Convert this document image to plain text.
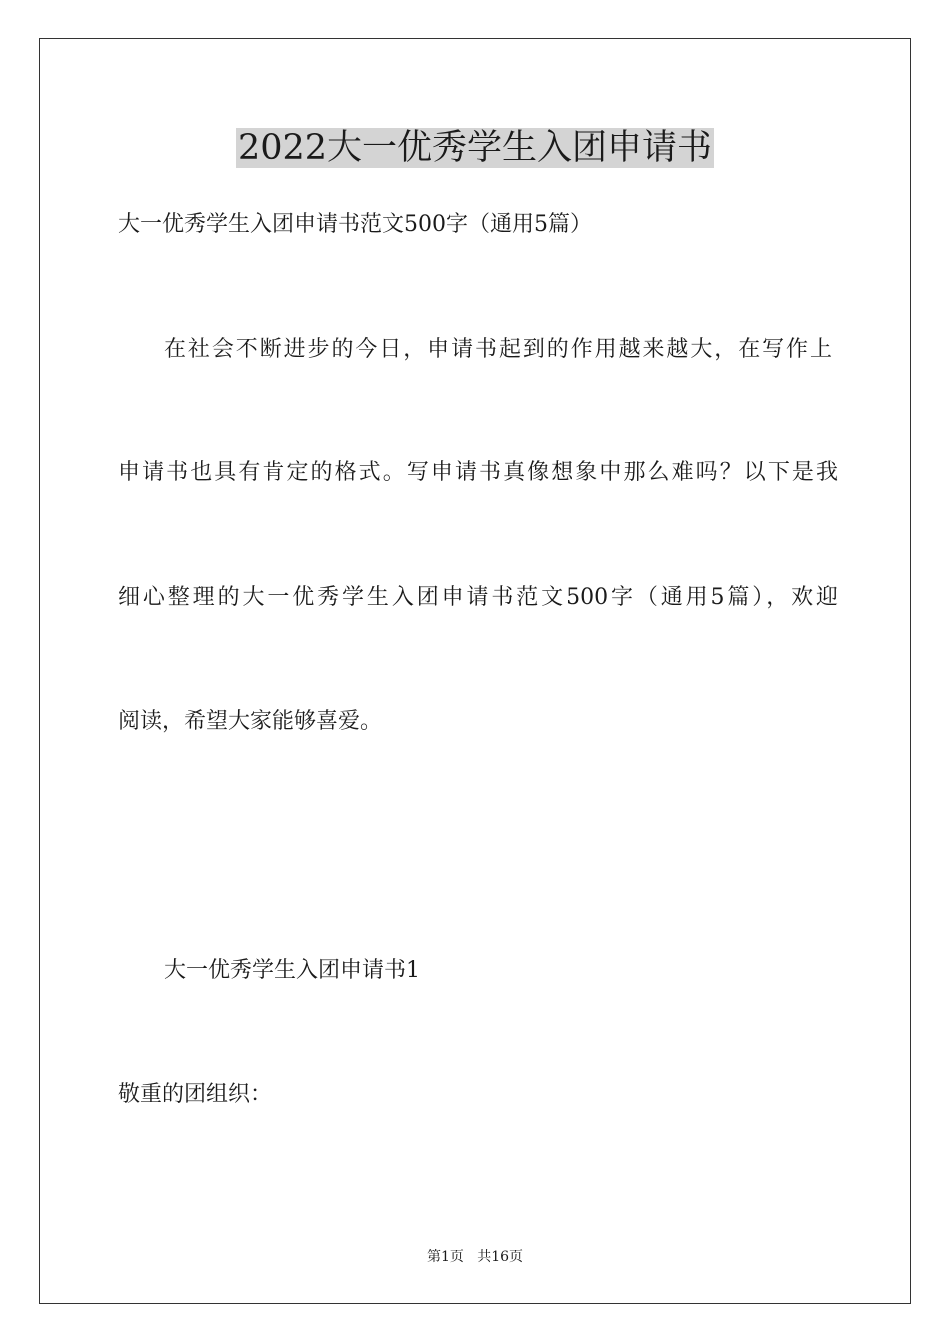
2022大一优秀学生入团申请书

大一优秀学生入团申请书范文500字（通用5篇）

在社会不断进步的今日，申请书起到的作用越来越大，在写作上

申请书也具有肯定的格式。写申请书真像想象中那么难吗？以下是我

细心整理的大一优秀学生入团申请书范文500字（通用5篇），欢迎

阅读，希望大家能够喜爱。

大一优秀学生入团申请书1

敬重的团组织：

第1页   共16页
